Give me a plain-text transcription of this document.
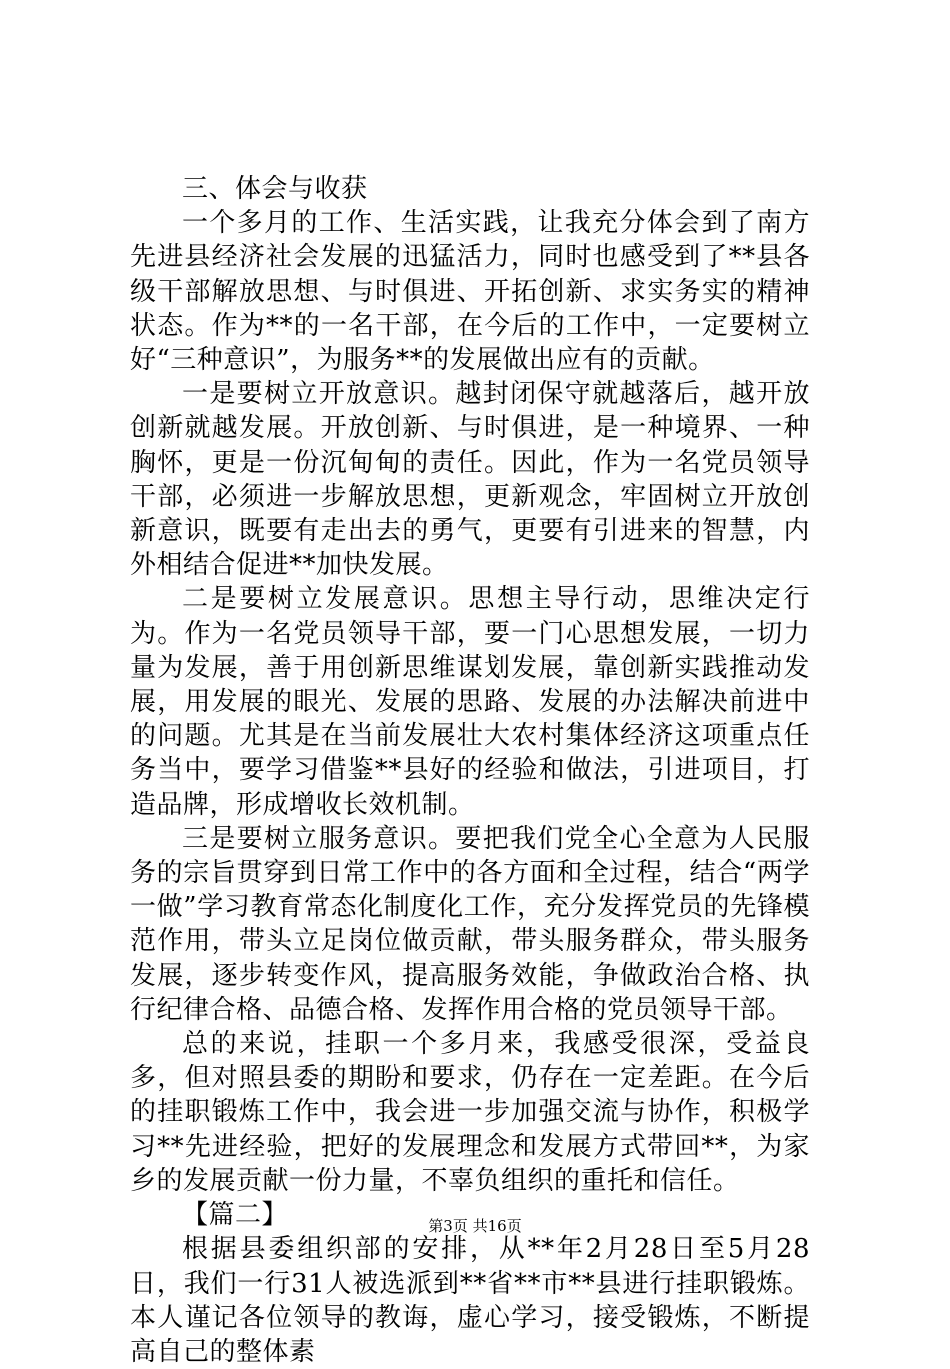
三、体会与收获

一个多月的工作、生活实践，让我充分体会到了南方先进县经济社会发展的迅猛活力，同时也感受到了**县各级干部解放思想、与时俱进、开拓创新、求实务实的精神状态。作为**的一名干部，在今后的工作中，一定要树立好“三种意识”，为服务**的发展做出应有的贡献。

一是要树立开放意识。越封闭保守就越落后，越开放创新就越发展。开放创新、与时俱进，是一种境界、一种胸怀，更是一份沉甸甸的责任。因此，作为一名党员领导干部，必须进一步解放思想，更新观念，牢固树立开放创新意识，既要有走出去的勇气，更要有引进来的智慧，内外相结合促进**加快发展。

二是要树立发展意识。思想主导行动，思维决定行为。作为一名党员领导干部，要一门心思想发展，一切力量为发展，善于用创新思维谋划发展，靠创新实践推动发展，用发展的眼光、发展的思路、发展的办法解决前进中的问题。尤其是在当前发展壮大农村集体经济这项重点任务当中，要学习借鉴**县好的经验和做法，引进项目，打造品牌，形成增收长效机制。

三是要树立服务意识。要把我们党全心全意为人民服务的宗旨贯穿到日常工作中的各方面和全过程，结合“两学一做”学习教育常态化制度化工作，充分发挥党员的先锋模范作用，带头立足岗位做贡献，带头服务群众，带头服务发展，逐步转变作风，提高服务效能，争做政治合格、执行纪律合格、品德合格、发挥作用合格的党员领导干部。

总的来说，挂职一个多月来，我感受很深，受益良多，但对照县委的期盼和要求，仍存在一定差距。在今后的挂职锻炼工作中，我会进一步加强交流与协作，积极学习**先进经验，把好的发展理念和发展方式带回**，为家乡的发展贡献一份力量，不辜负组织的重托和信任。

【篇二】

根据县委组织部的安排，从**年2月28日至5月28日，我们一行31人被选派到**省**市**县进行挂职锻炼。本人谨记各位领导的教诲，虚心学习，接受锻炼，不断提高自己的整体素

第3页 共16页
